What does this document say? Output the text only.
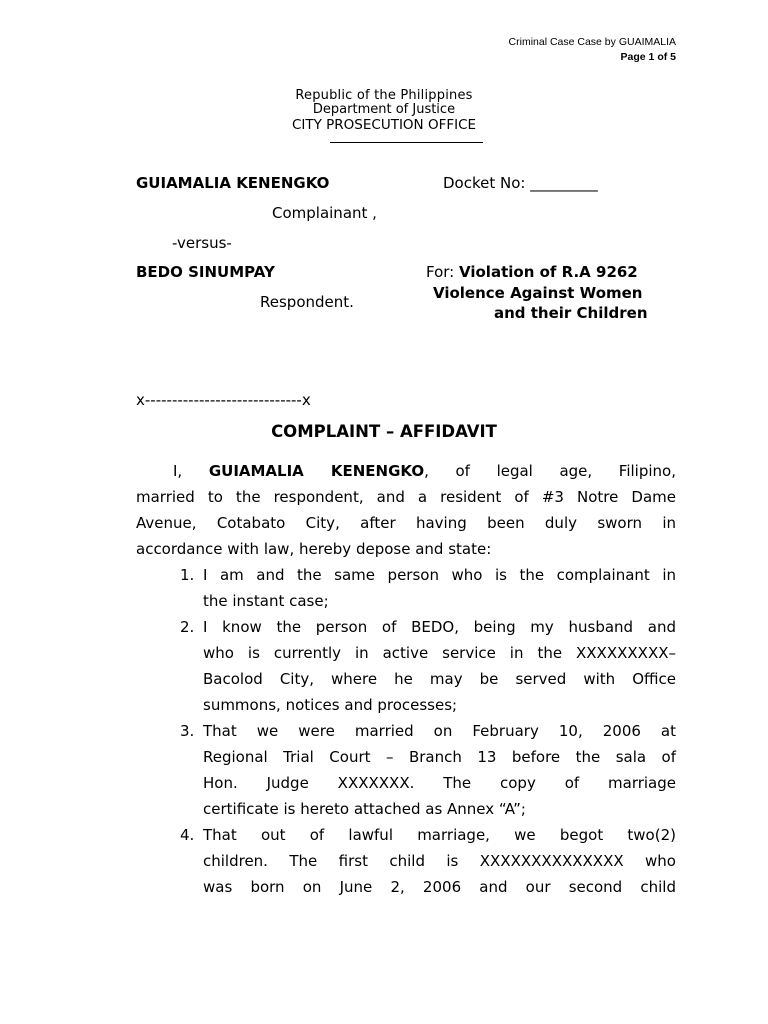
Criminal Case Case by GUAIMALIA
Page 1 of 5
Republic of the Philippines
Department of Justice
CITY PROSECUTION OFFICE
GUIAMALIA KENENGKO	Docket No: _________
Complainant ,
-versus-
BEDO SINUMPAY	For: Violation of R.A 9262
Respondent.	Violence Against Women
and their Children
x-----------------------------x
COMPLAINT – AFFIDAVIT
I, GUIAMALIA KENENGKO, of legal age, Filipino,
married to the respondent, and a resident of #3 Notre Dame
Avenue, Cotabato City, after having been duly sworn in
accordance with law, hereby depose and state:
1. I am and the same person who is the complainant in
the instant case;
2. I know the person of BEDO, being my husband and
who is currently in active service in the XXXXXXXXX–
Bacolod City, where he may be served with Office
summons, notices and processes;
3. That we were married on February 10, 2006 at
Regional Trial Court – Branch 13 before the sala of
Hon. Judge XXXXXXX. The copy of marriage
certificate is hereto attached as Annex “A”;
4. That out of lawful marriage, we begot two(2)
children. The first child is XXXXXXXXXXXXXX who
was born on June 2, 2006 and our second child
